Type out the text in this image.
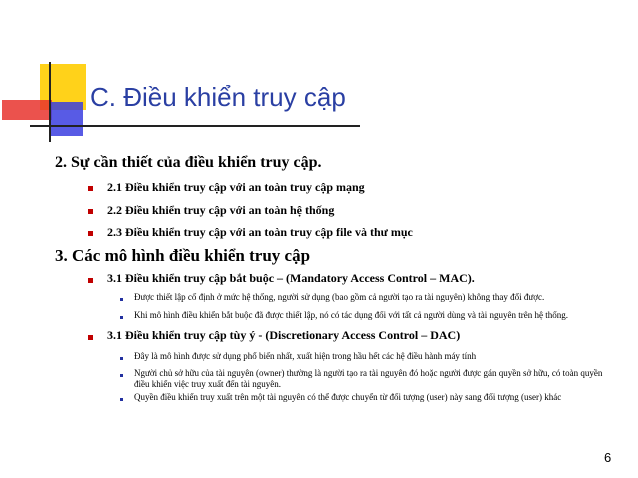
C. Điều khiển truy cập
2. Sự cần thiết của điều khiển truy cập.
2.1 Điều khiển truy cập với an toàn truy cập mạng
2.2 Điều khiển truy cập với an toàn hệ thống
2.3 Điều khiển truy cập với an toàn truy cập file và thư mục
3. Các mô hình điều khiển truy cập
3.1 Điều khiển truy cập bắt buộc – (Mandatory Access Control – MAC).
Được thiết lập cố định ở mức hệ thống, người sử dụng (bao gồm cả người tạo ra tài nguyên) không thay đổi được.
Khi mô hình điều khiển bắt buộc đã được thiết lập, nó có tác dụng đối với tất cả người dùng và tài nguyên trên hệ thống.
3.1 Điều khiển truy cập tùy ý - (Discretionary Access Control – DAC)
Đây là mô hình được sử dụng phổ biến nhất, xuất hiện trong hầu hết các hệ điều hành máy tính
Người chủ sở hữu của tài nguyên (owner) thường là người tạo ra tài nguyên đó hoặc người được gán quyền sở hữu, có toàn quyền điều khiển việc truy xuất đến tài nguyên.
Quyền điều khiển truy xuất trên một tài nguyên có thể được chuyển từ đối tượng (user) này sang đối tượng (user) khác
6
